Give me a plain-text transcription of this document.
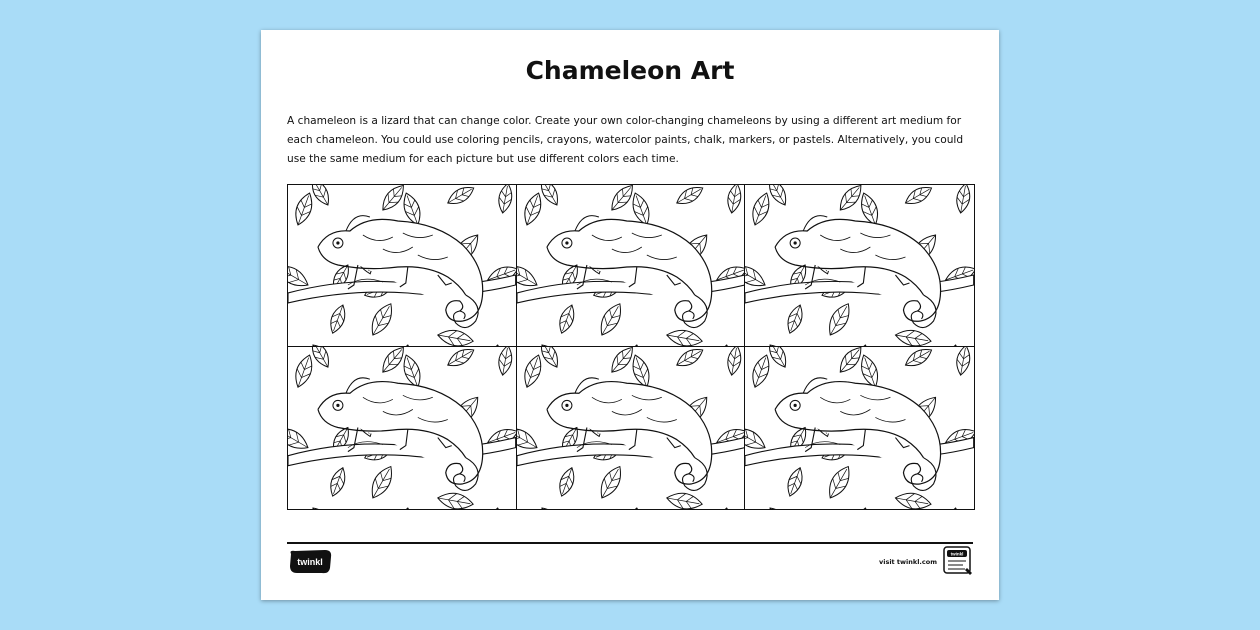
Chameleon Art

A chameleon is a lizard that can change color. Create your own color-changing chameleons by using a different art medium for each chameleon. You could use coloring pencils, crayons, watercolor paints, chalk, markers, or pastels. Alternatively, you could use the same medium for each picture but use different colors each time.

twinkl	visit twinkl.com
twinkl
